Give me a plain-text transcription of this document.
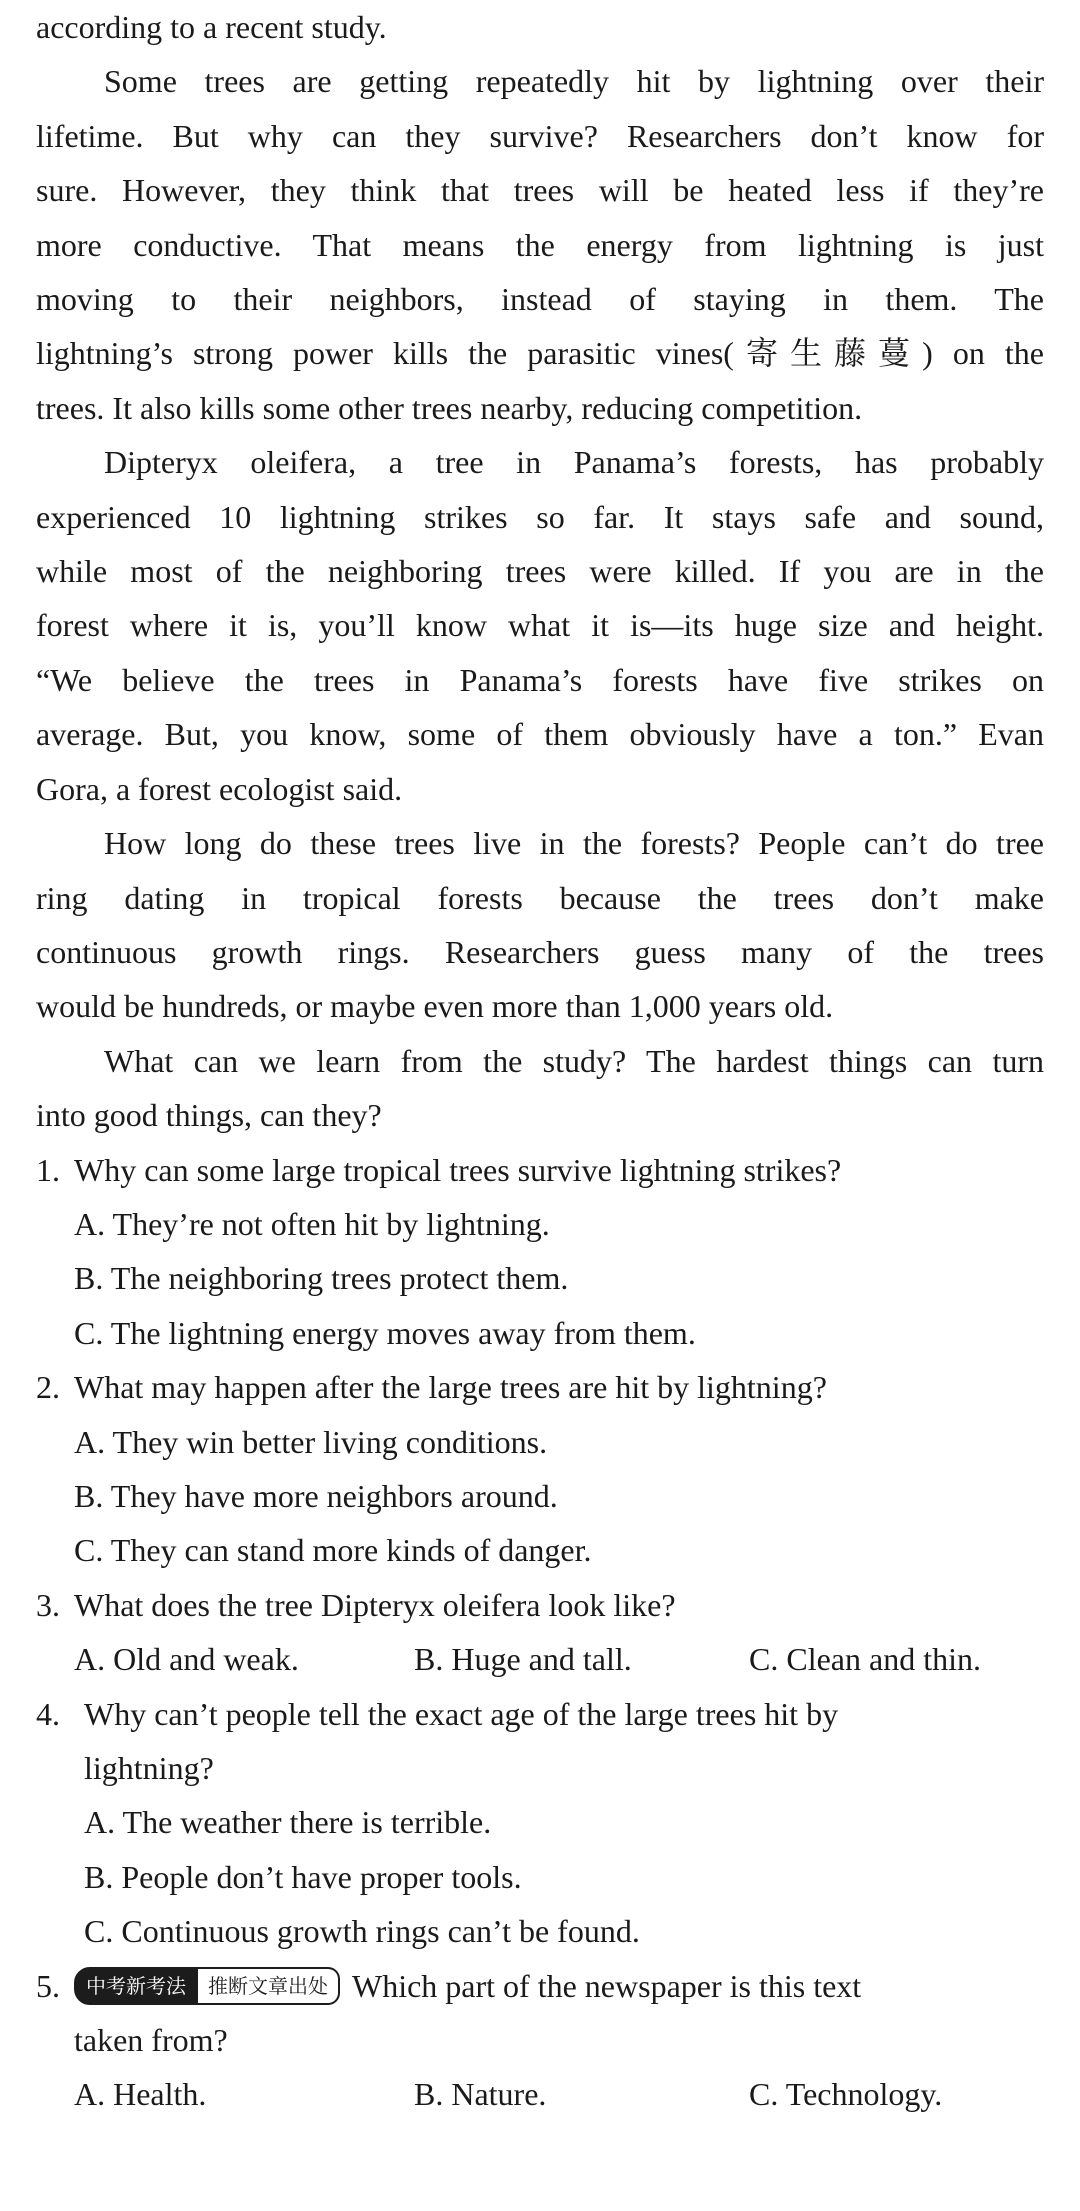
according to a recent study.
Some trees are getting repeatedly hit by lightning over their
lifetime. But why can they survive? Researchers don’t know for
sure. However, they think that trees will be heated less if they’re
more conductive. That means the energy from lightning is just
moving to their neighbors, instead of staying in them. The
lightning’s strong power kills the parasitic vines(寄生藤蔓) on the
trees. It also kills some other trees nearby, reducing competition.
Dipteryx oleifera, a tree in Panama’s forests, has probably
experienced 10 lightning strikes so far. It stays safe and sound,
while most of the neighboring trees were killed. If you are in the
forest where it is, you’ll know what it is—its huge size and height.
“We believe the trees in Panama’s forests have five strikes on
average. But, you know, some of them obviously have a ton.” Evan
Gora, a forest ecologist said.
How long do these trees live in the forests? People can’t do tree
ring dating in tropical forests because the trees don’t make
continuous growth rings. Researchers guess many of the trees
would be hundreds, or maybe even more than 1,000 years old.
What can we learn from the study? The hardest things can turn
into good things, can they?
1. Why can some large tropical trees survive lightning strikes?
A. They’re not often hit by lightning.
B. The neighboring trees protect them.
C. The lightning energy moves away from them.
2. What may happen after the large trees are hit by lightning?
A. They win better living conditions.
B. They have more neighbors around.
C. They can stand more kinds of danger.
3. What does the tree Dipteryx oleifera look like?
A. Old and weak.	B. Huge and tall.	C. Clean and thin.
4. Why can’t people tell the exact age of the large trees hit by
lightning?
A. The weather there is terrible.
B. People don’t have proper tools.
C. Continuous growth rings can’t be found.
5.	中考新考法	推断文章出处 Which part of the newspaper is this text
taken from?
A. Health.	B. Nature.	C. Technology.
